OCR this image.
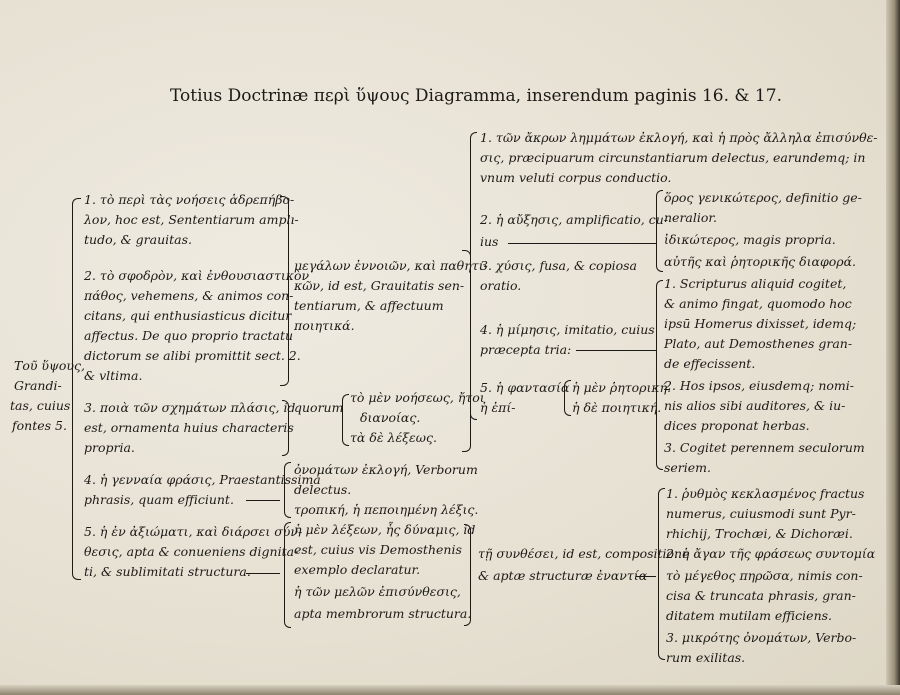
Totius Doctrinæ περὶ ὕψους Diagramma, inserendum paginis 16. & 17.
Τοῦ ὕψους,
Grandi-
tas, cuius
fontes 5.
1. τὸ περὶ τὰς νοήσεις ἁδρεπήβο-
λον, hoc est, Sententiarum amplı-
tudo, & grauitas.
2. τὸ σφοδρὸν, καὶ ἐνθουσιαστικὸν
πάθος, vehemens, & animos con-
citans, qui enthusiasticus dicitur
affectus. De quo proprio tractatu
dictorum se alibi promittit sect. 2.
& vltima.
3. ποιὰ τῶν σχημάτων πλάσις, id
est, ornamenta huius characteris
propria.
4. ἡ γενναία φράσις, Praestantissima
phrasis, quam efficiunt.
5. ἡ ἐν ἀξιώματι, καὶ διάρσει σύν-
θεσις, apta & conueniens dignita-
ti, & sublimitati structura.
μεγάλων ἐννοιῶν, καὶ παθητι-
κῶν, id est, Grauitatis sen-
tentiarum, & affectuum
ποιητικά.
quorum
τὸ μὲν νοήσεως, ἤτοι
διανοίας.
τὰ δὲ λέξεως.
ὀνομάτων ἐκλογή, Verborum
delectus.
τροπική, ἡ πεποιημένη λέξις.
ἡ μὲν λέξεων, ἧς δύναμις, id
est, cuius vis Demosthenis
exemplo declaratur.
ἡ τῶν μελῶν ἐπισύνθεσις,
apta membrorum structura.
1. τῶν ἄκρων λημμάτων ἐκλογή, καὶ ἡ πρὸς ἄλληλα ἐπισύνθε-
σις, præcipuarum circunstantiarum delectus, earundemq; in
vnum veluti corpus conductio.
2. ἡ αὔξησις, amplificatio, cu-
ius
ὅρος γενικώτερος, definitio ge-
neralior.
ἰδικώτερος, magis propria.
αὐτῆς καὶ ῥητορικῆς διαφορά.
3. χύσις, fusa, & copiosa
oratio.
4. ἡ μίμησις, imitatio, cuius
præcepta tria:
1. Scripturus aliquid cogitet,
& animo fingat, quomodo hoc
ipsū Homerus dixisset, idemq;
Plato, aut Demosthenes gran-
de effecissent.
2. Hos ipsos, eiusdemq; nomi-
nis alios sibi auditores, & iu-
dices proponat herbas.
3. Cogitet perennem seculorum
seriem.
5. ἡ φαντασία
ἡ ἐπί-
ἡ μὲν ῥητορική.
ἡ δὲ ποιητική.
τῇ συνθέσει, id est, compositione
& aptæ structuræ ἐναντία
1. ῥυθμὸς κεκλασμένος fractus
numerus, cuiusmodi sunt Pyr-
rhichij, Trochæi, & Dichoræi.
2. ἡ ἄγαν τῆς φράσεως συντομία
τὸ μέγεθος πηρῶσα, nimis con-
cisa & truncata phrasis, gran-
ditatem mutilam efficiens.
3. μικρότης ὀνομάτων, Verbo-
rum exilitas.
